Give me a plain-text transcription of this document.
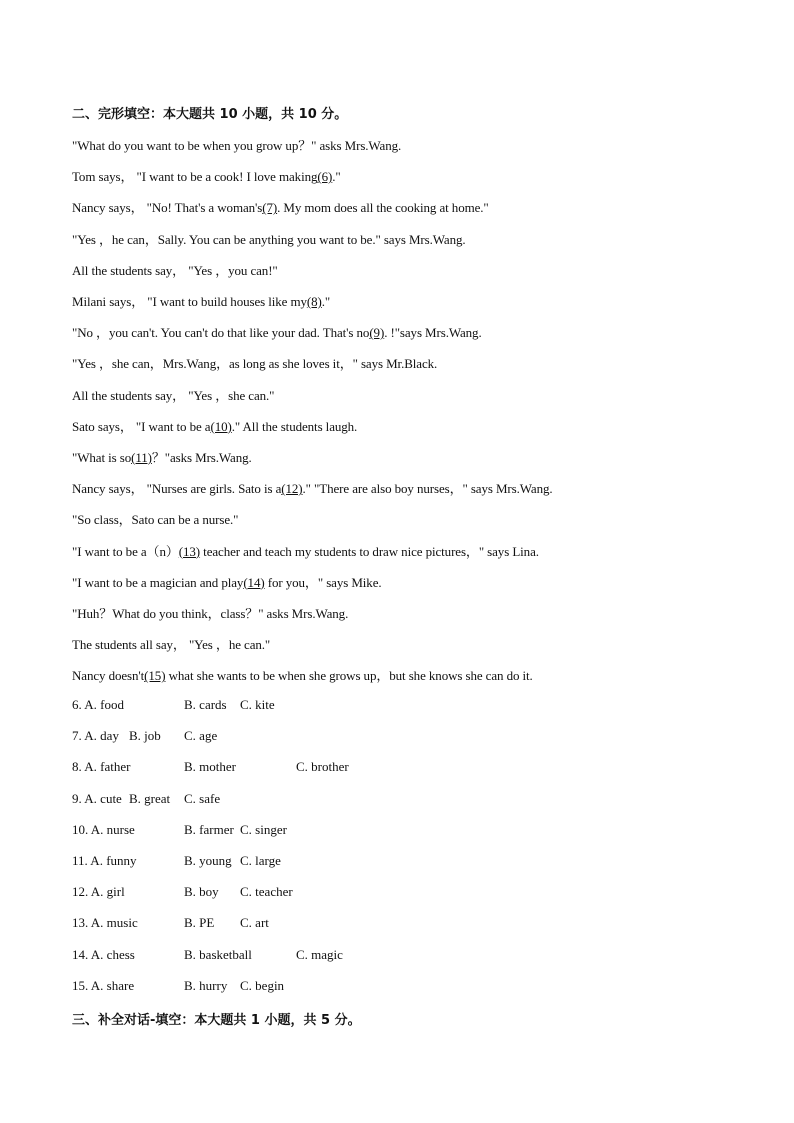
二、完形填空：本大题共 10 小题，共 10 分。
"What do you want to be when you grow up？" asks Mrs.Wang.
Tom says， "I want to be a cook! I love making(6)."
Nancy says， "No! That's a woman's(7). My mom does all the cooking at home."
"Yes ，he can，Sally. You can be anything you want to be." says Mrs.Wang.
All the students say， "Yes ，you can!"
Milani says， "I want to build houses like my(8)."
"No ，you can't. You can't do that like your dad. That's no(9). !"says Mrs.Wang.
"Yes ，she can，Mrs.Wang，as long as she loves it，" says Mr.Black.
All the students say， "Yes ，she can."
Sato says， "I want to be a(10)." All the students laugh.
"What is so(11)？"asks Mrs.Wang.
Nancy says， "Nurses are girls. Sato is a(12)." "There are also boy nurses，" says Mrs.Wang.
"So class，Sato can be a nurse."
"I want to be a（n）(13) teacher and teach my students to draw nice pictures，" says Lina.
"I want to be a magician and play(14) for you，" says Mike.
"Huh？What do you think，class？" asks Mrs.Wang.
The students all say， "Yes ，he can."
Nancy doesn't(15) what she wants to be when she grows up，but she knows she can do it.
6. A. food	B. cards C. kite
7. A. day B. job C. age
8. A. father	B. mother	C. brother
9. A. cute B. great C. safe
10. A. nurse	B. farmer C. singer
11. A. funny	B. young C. large
12. A. girl	B. boy C. teacher
13. A. music	B. PE C. art
14. A. chess	B. basketball	C. magic
15. A. share	B. hurry C. begin
三、补全对话-填空：本大题共 1 小题，共 5 分。
